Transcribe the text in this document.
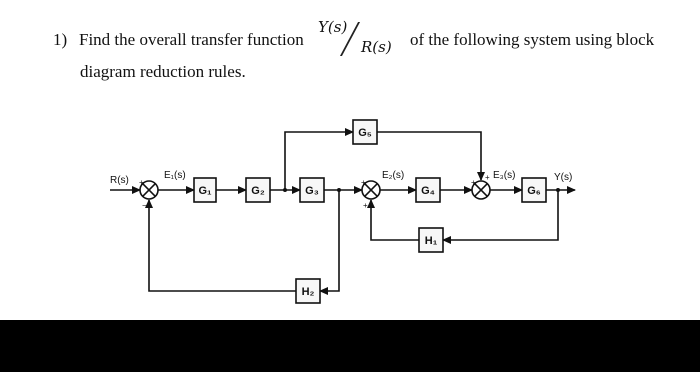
1) Find the overall transfer function
Y(s)
R(s) of the following system using block
diagram reduction rules.
G₁	G₂	G₃	G₄
G₅
G₆
H₁
H₂
R(s)	Y(s)
E₁(s)	E₂(s)	E₃(s)
+
−
+
+
+
+
